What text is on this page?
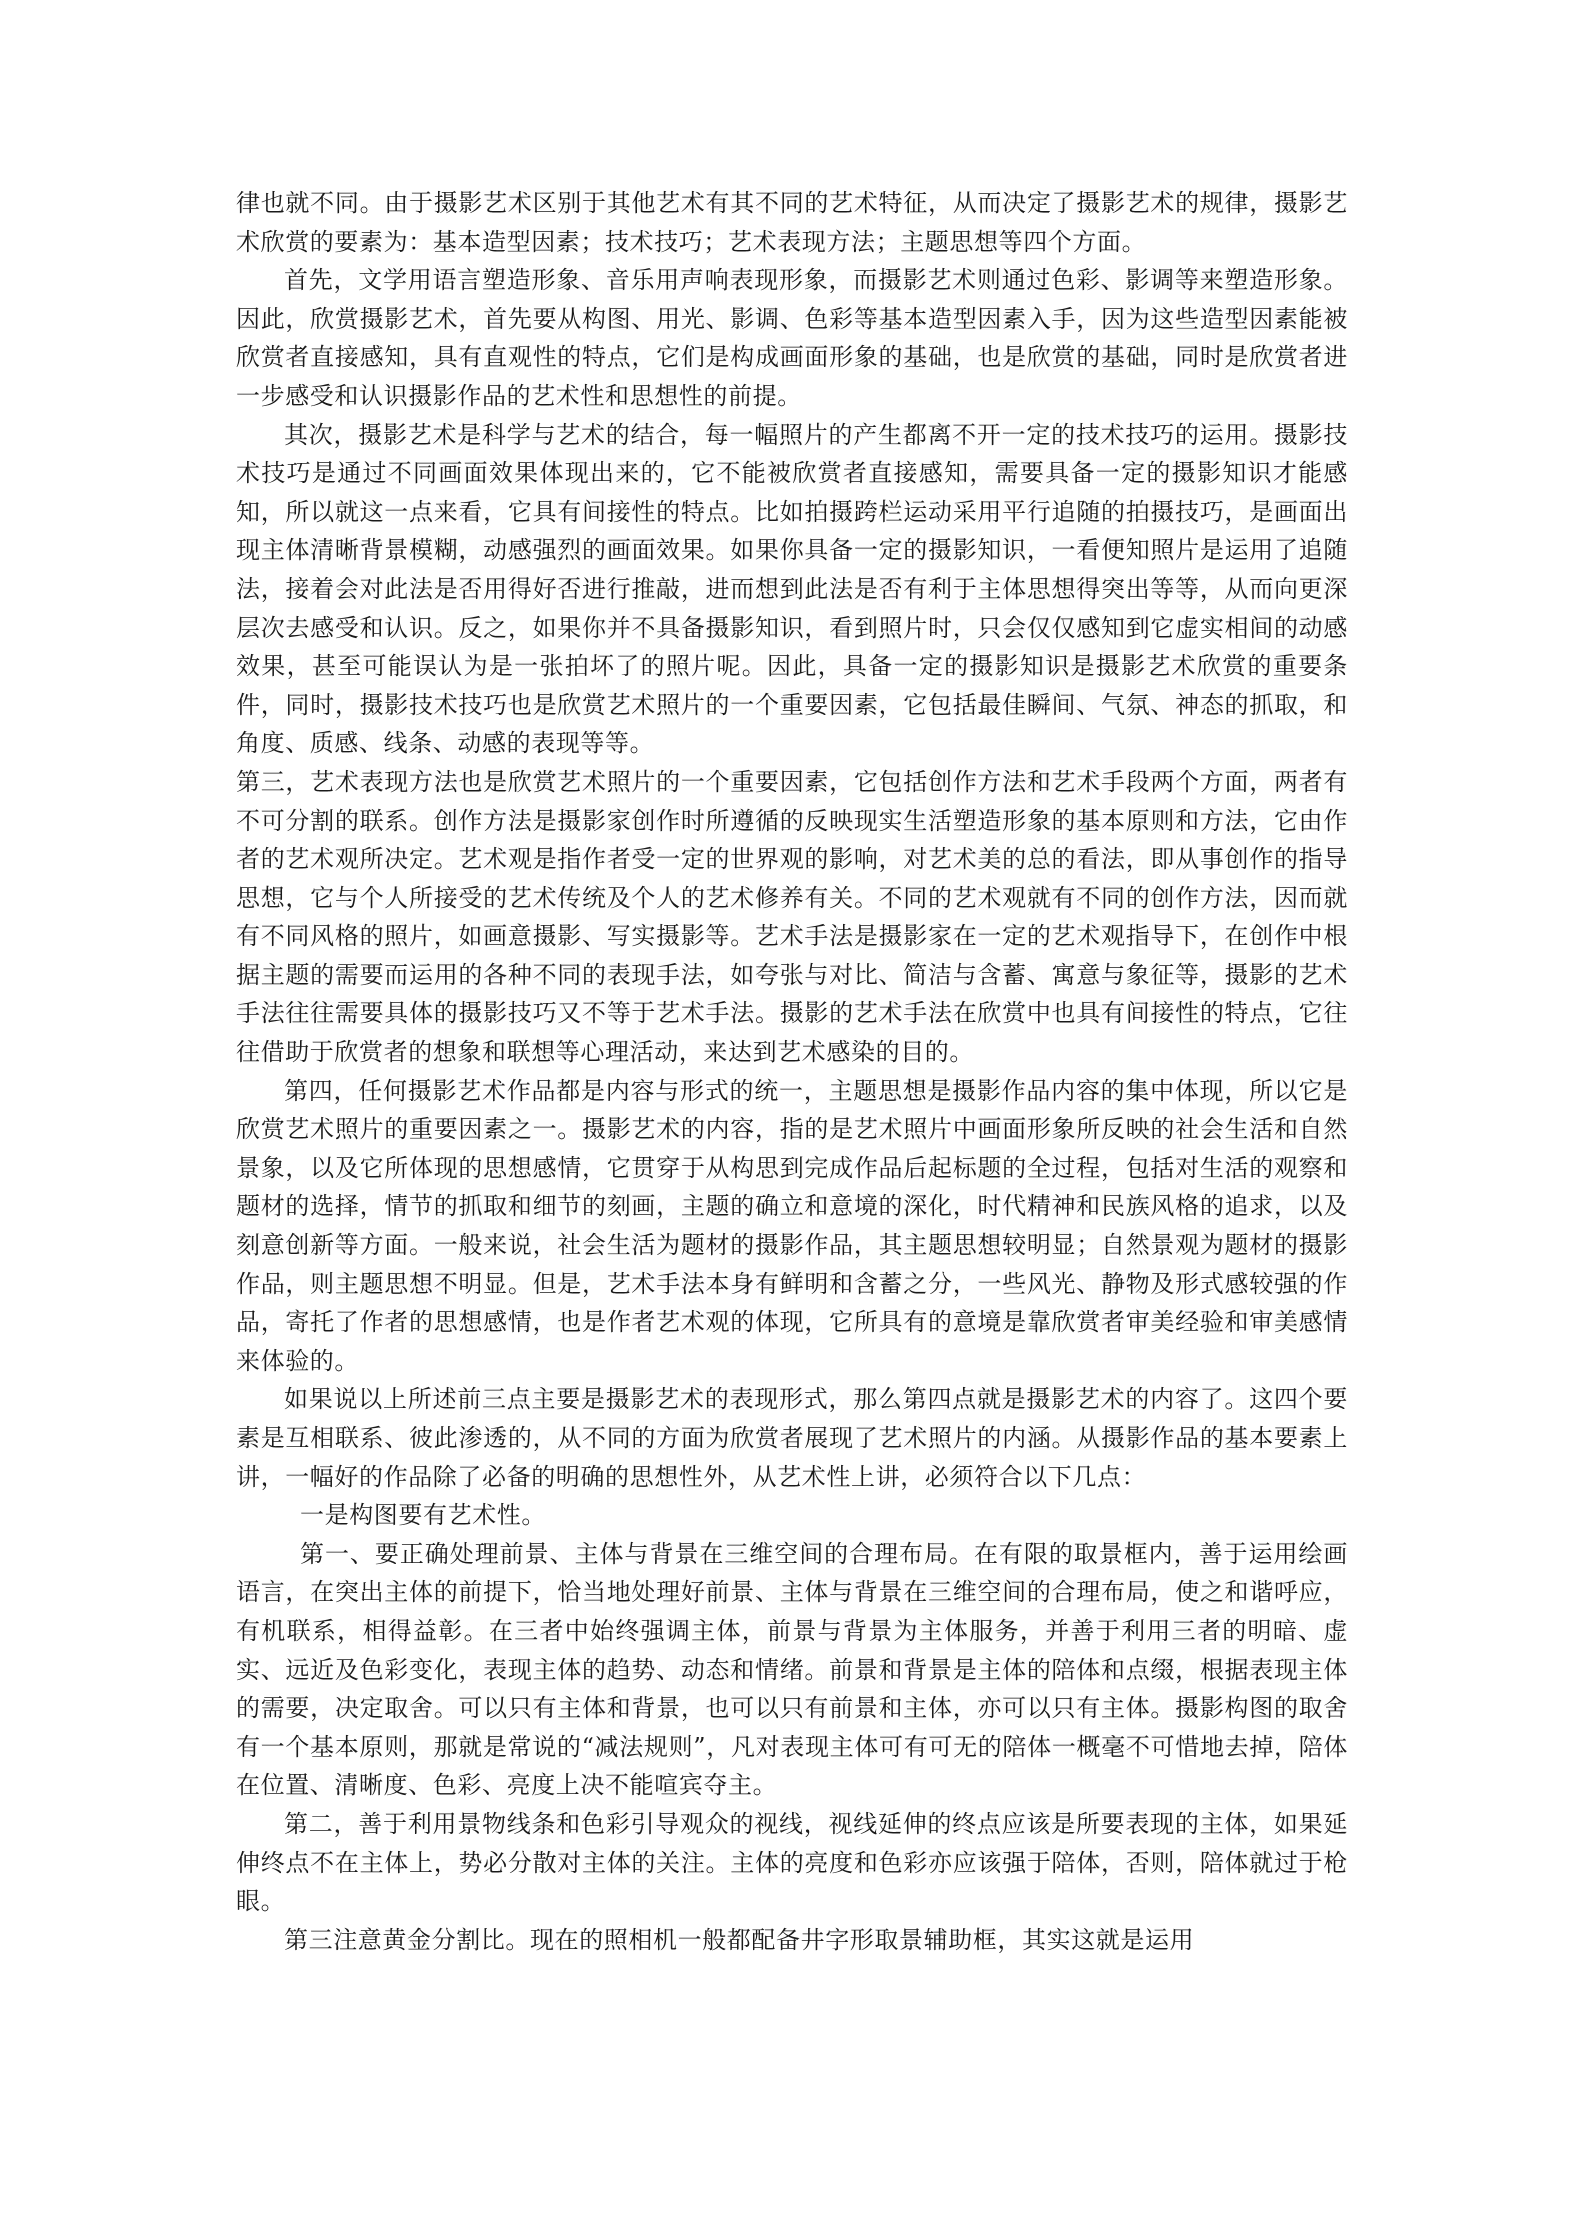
律也就不同。由于摄影艺术区别于其他艺术有其不同的艺术特征，从而决定了摄影艺术的规律，摄影艺术欣赏的要素为：基本造型因素；技术技巧；艺术表现方法；主题思想等四个方面。

首先，文学用语言塑造形象、音乐用声响表现形象，而摄影艺术则通过色彩、影调等来塑造形象。因此，欣赏摄影艺术，首先要从构图、用光、影调、色彩等基本造型因素入手，因为这些造型因素能被欣赏者直接感知，具有直观性的特点，它们是构成画面形象的基础，也是欣赏的基础，同时是欣赏者进一步感受和认识摄影作品的艺术性和思想性的前提。

其次，摄影艺术是科学与艺术的结合，每一幅照片的产生都离不开一定的技术技巧的运用。摄影技术技巧是通过不同画面效果体现出来的，它不能被欣赏者直接感知，需要具备一定的摄影知识才能感知，所以就这一点来看，它具有间接性的特点。比如拍摄跨栏运动采用平行追随的拍摄技巧，是画面出现主体清晰背景模糊，动感强烈的画面效果。如果你具备一定的摄影知识，一看便知照片是运用了追随法，接着会对此法是否用得好否进行推敲，进而想到此法是否有利于主体思想得突出等等，从而向更深层次去感受和认识。反之，如果你并不具备摄影知识，看到照片时，只会仅仅感知到它虚实相间的动感效果，甚至可能误认为是一张拍坏了的照片呢。因此，具备一定的摄影知识是摄影艺术欣赏的重要条件，同时，摄影技术技巧也是欣赏艺术照片的一个重要因素，它包括最佳瞬间、气氛、神态的抓取，和角度、质感、线条、动感的表现等等。

第三，艺术表现方法也是欣赏艺术照片的一个重要因素，它包括创作方法和艺术手段两个方面，两者有不可分割的联系。创作方法是摄影家创作时所遵循的反映现实生活塑造形象的基本原则和方法，它由作者的艺术观所决定。艺术观是指作者受一定的世界观的影响，对艺术美的总的看法，即从事创作的指导思想，它与个人所接受的艺术传统及个人的艺术修养有关。不同的艺术观就有不同的创作方法，因而就有不同风格的照片，如画意摄影、写实摄影等。艺术手法是摄影家在一定的艺术观指导下，在创作中根据主题的需要而运用的各种不同的表现手法，如夸张与对比、简洁与含蓄、寓意与象征等，摄影的艺术手法往往需要具体的摄影技巧又不等于艺术手法。摄影的艺术手法在欣赏中也具有间接性的特点，它往往借助于欣赏者的想象和联想等心理活动，来达到艺术感染的目的。

第四，任何摄影艺术作品都是内容与形式的统一，主题思想是摄影作品内容的集中体现，所以它是欣赏艺术照片的重要因素之一。摄影艺术的内容，指的是艺术照片中画面形象所反映的社会生活和自然景象，以及它所体现的思想感情，它贯穿于从构思到完成作品后起标题的全过程，包括对生活的观察和题材的选择，情节的抓取和细节的刻画，主题的确立和意境的深化，时代精神和民族风格的追求，以及刻意创新等方面。一般来说，社会生活为题材的摄影作品，其主题思想较明显；自然景观为题材的摄影作品，则主题思想不明显。但是，艺术手法本身有鲜明和含蓄之分，一些风光、静物及形式感较强的作品，寄托了作者的思想感情，也是作者艺术观的体现，它所具有的意境是靠欣赏者审美经验和审美感情来体验的。

如果说以上所述前三点主要是摄影艺术的表现形式，那么第四点就是摄影艺术的内容了。这四个要素是互相联系、彼此渗透的，从不同的方面为欣赏者展现了艺术照片的内涵。从摄影作品的基本要素上讲，一幅好的作品除了必备的明确的思想性外，从艺术性上讲，必须符合以下几点：

一是构图要有艺术性。

第一、要正确处理前景、主体与背景在三维空间的合理布局。在有限的取景框内，善于运用绘画语言，在突出主体的前提下，恰当地处理好前景、主体与背景在三维空间的合理布局，使之和谐呼应，有机联系，相得益彰。在三者中始终强调主体，前景与背景为主体服务，并善于利用三者的明暗、虚实、远近及色彩变化，表现主体的趋势、动态和情绪。前景和背景是主体的陪体和点缀，根据表现主体的需要，决定取舍。可以只有主体和背景，也可以只有前景和主体，亦可以只有主体。摄影构图的取舍有一个基本原则，那就是常说的“减法规则”，凡对表现主体可有可无的陪体一概毫不可惜地去掉，陪体在位置、清晰度、色彩、亮度上决不能喧宾夺主。

第二，善于利用景物线条和色彩引导观众的视线，视线延伸的终点应该是所要表现的主体，如果延伸终点不在主体上，势必分散对主体的关注。主体的亮度和色彩亦应该强于陪体，否则，陪体就过于枪眼。

第三注意黄金分割比。现在的照相机一般都配备井字形取景辅助框，其实这就是运用
